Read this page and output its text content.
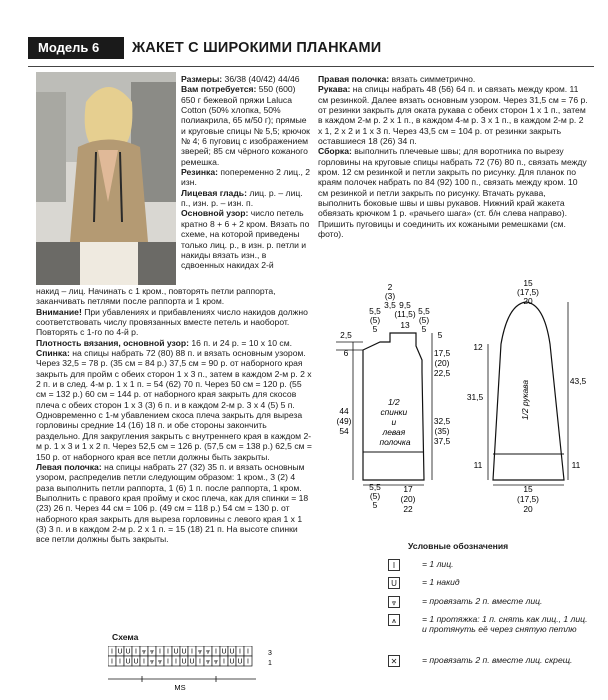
Модель 6	ЖАКЕТ С ШИРОКИМИ ПЛАНКАМИ

Размеры: 36/38 (40/42) 44/46

Вам потребуется: 550 (600) 650 г бежевой пряжи Laluca Cotton (50% хлопка, 50% полиакрила, 65 м/50 г); прямые и круговые спицы № 5,5; крючок № 4; 6 пуговиц с изображением зверей; 85 см чёрного кожаного ремешка.

Резинка: попеременно 2 лиц., 2 изн.

Лицевая гладь: лиц. р. – лиц. п., изн. р. – изн. п.

Основной узор: число петель кратно 8 + 6 + 2 кром. Вязать по схеме, на которой приведены только лиц. р., в изн. р. петли и накиды вязать изн., в сдвоенных накидах 2-й

накид – лиц. Начинать с 1 кром., повторять петли раппорта, заканчивать петлями после раппорта и 1 кром.

Внимание! При убавлениях и прибавлениях число накидов должно соответствовать числу провязанных вместе петель и наоборот. Повторять с 1-го по 4-й р.

Плотность вязания, основной узор: 16 п. и 24 р. = 10 х 10 см.

Спинка: на спицы набрать 72 (80) 88 п. и вязать основным узором. Через 32,5 = 78 р. (35 см = 84 р.) 37,5 см = 90 р. от наборного края закрыть для пройм с обеих сторон 1 х 3 п., затем в каждом 2-м р. 2 х 2 п. и в след. 4-м р. 1 х 1 п. = 54 (62) 70 п. Через 50 см = 120 р. (55 см = 132 р.) 60 см = 144 р. от наборного края закрыть для скосов плеча с обеих сторон 1 х 3 (3) 6 п. и в каждом 2-м р. 3 х 4 (5) 5 п. Одновременно с 1-м убавлением скоса плеча закрыть для выреза горловины средние 14 (16) 18 п. и обе стороны закончить раздельно. Для закругления закрыть с внутреннего края в каждом 2-м р. 1 х 3 и 1 х 2 п. Через 52,5 см = 126 р. (57,5 см = 138 р.) 62,5 см = 150 р. от наборного края все петли должны быть закрыты.

Левая полочка: на спицы набрать 27 (32) 35 п. и вязать основным узором, распределив петли следующим образом: 1 кром., 3 (2) 4 раза выполнить петли раппорта, 1 (6) 1 п. после раппорта, 1 кром. Выполнить с правого края пройму и скос плеча, как для спинки = 18 (23) 26 п. Через 44 см = 106 р. (49 см = 118 р.) 54 см = 130 р. от наборного края закрыть для выреза горловины с левого края 1 х 1 (3) 3 п. и в каждом 2-м р. 2 х 1 п. = 15 (18) 21 п. На высоте спинки все петли должны быть закрыты.

Правая полочка: вязать симметрично.

Рукава: на спицы набрать 48 (56) 64 п. и связать между кром. 11 см резинкой. Далее вязать основным узором. Через 31,5 см = 76 р. от резинки закрыть для оката рукава с обеих сторон 1 х 1 п., затем в каждом 2-м р. 2 х 1 п., в каждом 4-м р. 3 х 1 п., в каждом 2-м р. 2 х 1, 2 х 2 и 1 х 3 п. Через 43,5 см = 104 р. от резинки закрыть оставшиеся 18 (26) 34 п.

Сборка: выполнить плечевые швы; для воротника по вырезу горловины на круговые спицы набрать 72 (76) 80 п., связать между кром. 12 см резинкой и петли закрыть по рисунку. Для планок по краям полочек набрать по 84 (92) 100 п., связать между кром. 10 см резинкой и петли закрыть по рисунку. Втачать рукава, выполнить боковые швы и швы рукавов. Нижний край жакета обвязать крючком 1 р. «рачьего шага» (ст. б/н слева направо). Пришить пуговицы и соединить их кожаными ремешками (см. фото).

1/2 спинки и левая полочка
1/2 рукава
2
(3)
3,5
5,5
(5)
5
9,5
(11,5)
13
5,5
(5)
5
2,5
6
44
(49)
54
5
17,5
(20)
22,5
32,5
(35)
37,5
5,5
(5)
5
17
(20)
22
15
(17,5)
20
12
31,5
11
43,5
11
15
(17,5)
20
Условные обозначения
I	= 1 лиц.
U	= 1 накид
⩔	= провязать 2 п. вместе лиц.
⩚	= 1 протяжка: 1 п. снять как лиц., 1 лиц. и протянуть её через снятую петлю
✕	= провязать 2 п. вместе лиц. скрещ.
Схема
I U U I ⩔ ⩔ I I U U I ⩔ ⩔ I U U I I
I I U U I ⩔ ⩔ I I U U I ⩔ ⩔ I U U I
3
1
MS
